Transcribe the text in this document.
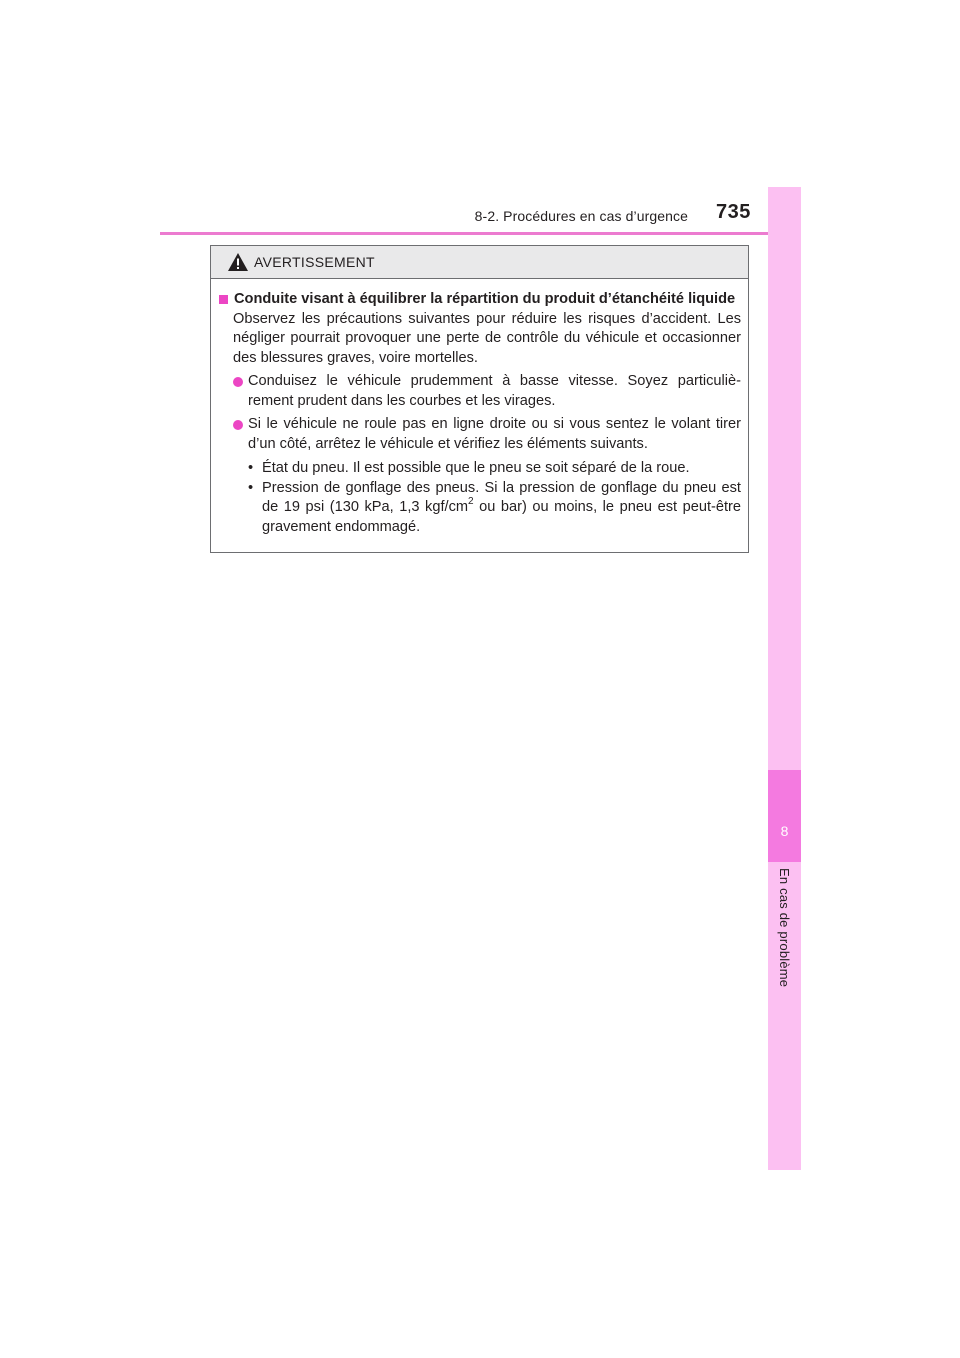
8-2. Procédures en cas d’urgence 735
8
En cas de problème
AVERTISSEMENT
Conduite visant à équilibrer la répartition du produit d’étanchéité liquide
Observez les précautions suivantes pour réduire les risques d’accident. Les négliger pourrait provoquer une perte de contrôle du véhicule et occasionner des blessures graves, voire mortelles.
Conduisez le véhicule prudemment à basse vitesse. Soyez particuliè-rement prudent dans les courbes et les virages.
Si le véhicule ne roule pas en ligne droite ou si vous sentez le volant tirer d’un côté, arrêtez le véhicule et vérifiez les éléments suivants.
• État du pneu. Il est possible que le pneu se soit séparé de la roue.
• Pression de gonflage des pneus. Si la pression de gonflage du pneu est de 19 psi (130 kPa, 1,3 kgf/$cm^2$ ou bar) ou moins, le pneu est peut-être gravement endommagé.
